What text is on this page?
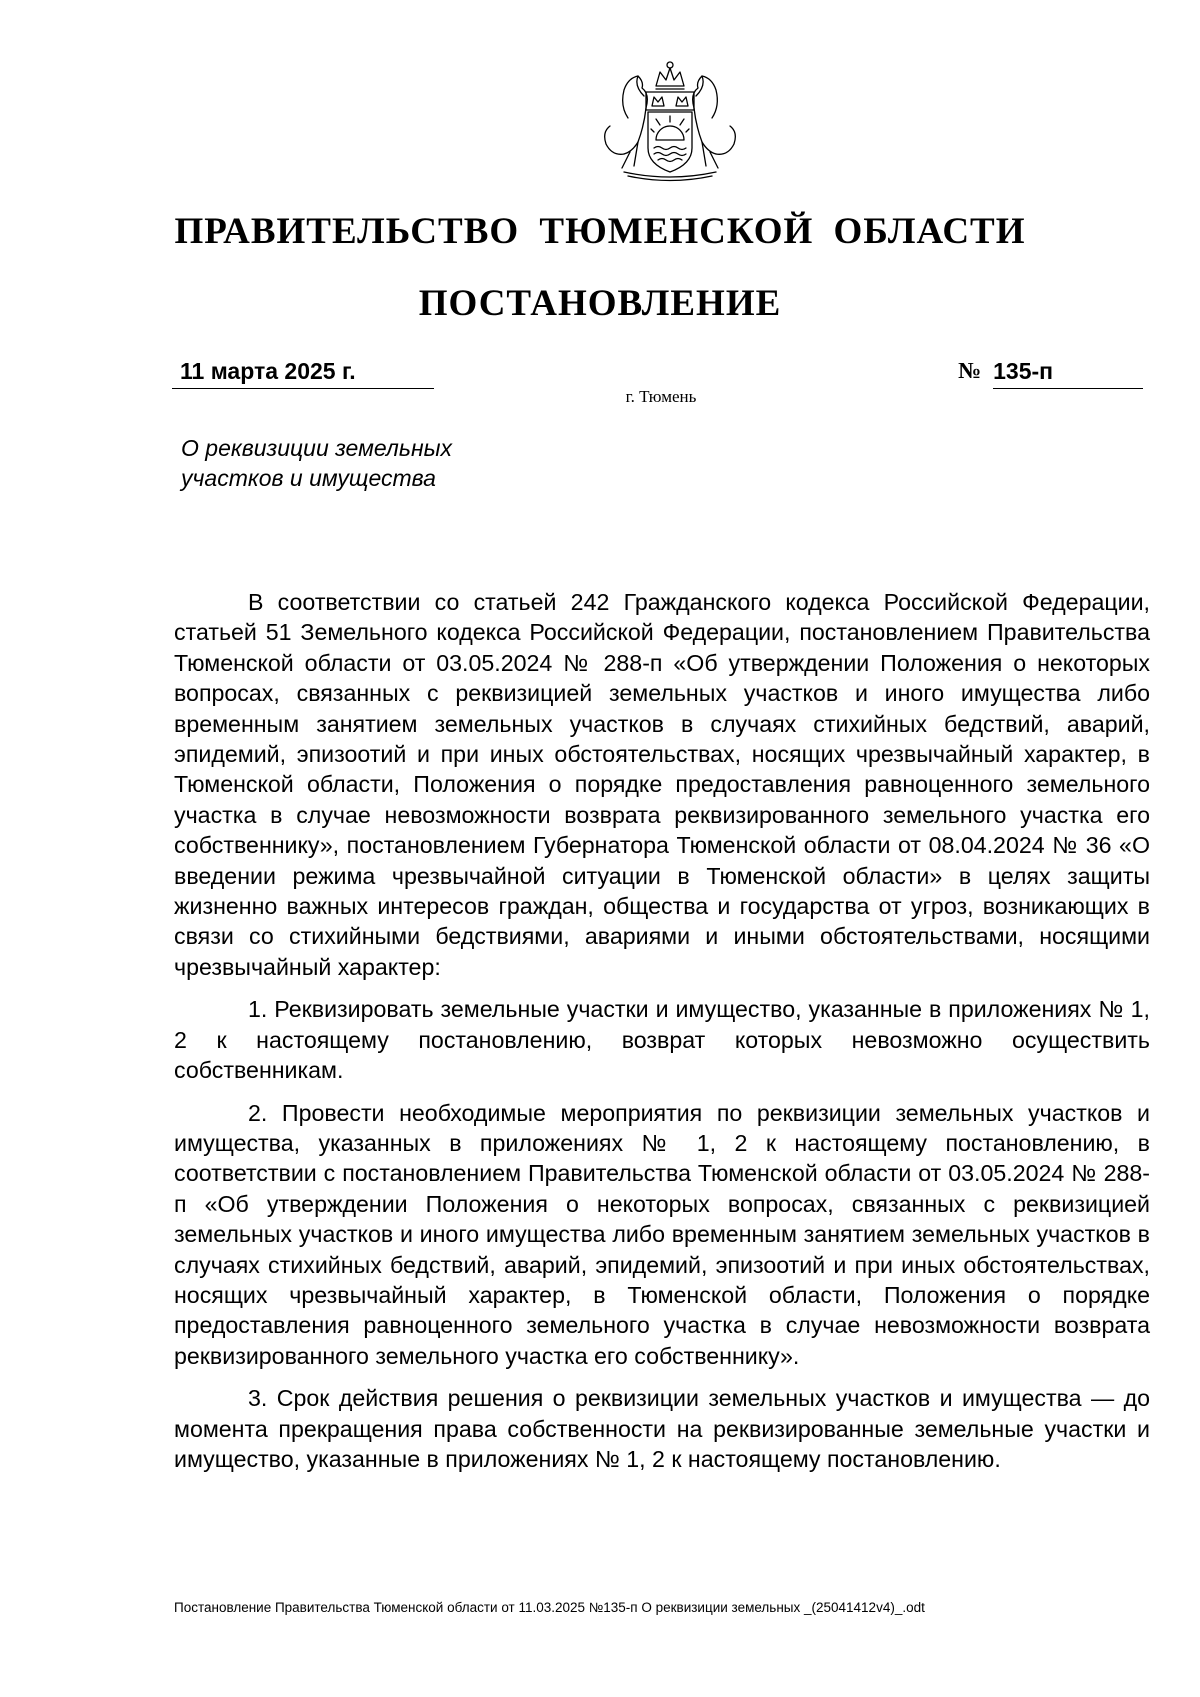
ПРАВИТЕЛЬСТВО ТЮМЕНСКОЙ ОБЛАСТИ
ПОСТАНОВЛЕНИЕ
11 марта 2025 г.	№ 135-п
г. Тюмень
О реквизиции земельных
участков и имущества

В соответствии со статьей 242 Гражданского кодекса Российской Федерации, статьей 51 Земельного кодекса Российской Федерации, постановлением Правительства Тюменской области от 03.05.2024 № 288-п «Об утверждении Положения о некоторых вопросах, связанных с реквизицией земельных участков и иного имущества либо временным занятием земельных участков в случаях стихийных бедствий, аварий, эпидемий, эпизоотий и при иных обстоятельствах, носящих чрезвычайный характер, в Тюменской области, Положения о порядке предоставления равноценного земельного участка в случае невозможности возврата реквизированного земельного участка его собственнику», постановлением Губернатора Тюменской области от 08.04.2024 № 36 «О введении режима чрезвычайной ситуации в Тюменской области» в целях защиты жизненно важных интересов граждан, общества и государства от угроз, возникающих в связи со стихийными бедствиями, авариями и иными обстоятельствами, носящими чрезвычайный характер:

1. Реквизировать земельные участки и имущество, указанные в приложениях № 1, 2 к настоящему постановлению, возврат которых невозможно осуществить собственникам.

2. Провести необходимые мероприятия по реквизиции земельных участков и имущества, указанных в приложениях № 1, 2 к настоящему постановлению, в соответствии с постановлением Правительства Тюменской области от 03.05.2024 № 288-п «Об утверждении Положения о некоторых вопросах, связанных с реквизицией земельных участков и иного имущества либо временным занятием земельных участков в случаях стихийных бедствий, аварий, эпидемий, эпизоотий и при иных обстоятельствах, носящих чрезвычайный характер, в Тюменской области, Положения о порядке предоставления равноценного земельного участка в случае невозможности возврата реквизированного земельного участка его собственнику».

3. Срок действия решения о реквизиции земельных участков и имущества — до момента прекращения права собственности на реквизированные земельные участки и имущество, указанные в приложениях № 1, 2 к настоящему постановлению.

Постановление Правительства Тюменской области от 11.03.2025 №135-п О реквизиции земельных _(25041412v4)_.odt
